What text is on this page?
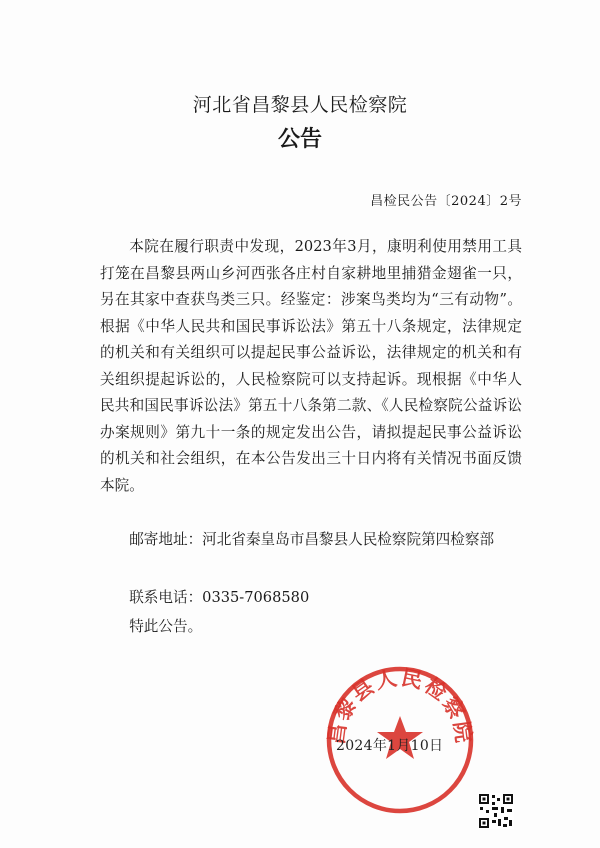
河北省昌黎县人民检察院
公告
昌检民公告〔2024〕2号

本院在履行职责中发现，2023年3月，康明利使用禁用工具打笼在昌黎县两山乡河西张各庄村自家耕地里捕猎金翅雀一只，另在其家中查获鸟类三只。经鉴定：涉案鸟类均为“三有动物”。根据《中华人民共和国民事诉讼法》第五十八条规定，法律规定的机关和有关组织可以提起民事公益诉讼，法律规定的机关和有关组织提起诉讼的，人民检察院可以支持起诉。现根据《中华人民共和国民事诉讼法》第五十八条第二款、《人民检察院公益诉讼办案规则》第九十一条的规定发出公告，请拟提起民事公益诉讼的机关和社会组织，在本公告发出三十日内将有关情况书面反馈本院。

邮寄地址：河北省秦皇岛市昌黎县人民检察院第四检察部

联系电话：0335-7068580

特此公告。

昌黎县人民检察院
2024年1月10日
